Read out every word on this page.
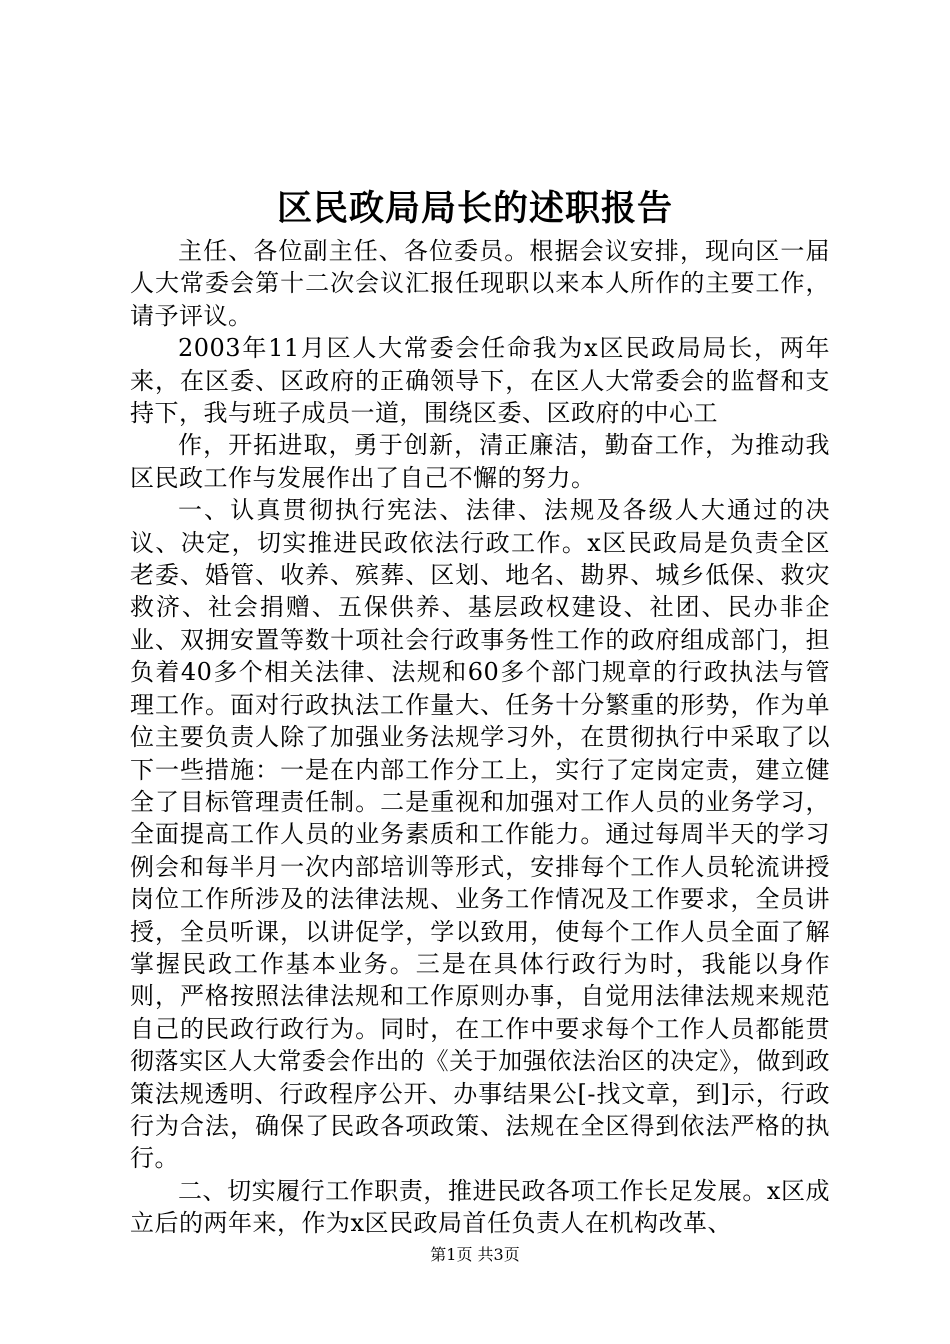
区民政局局长的述职报告

主任、各位副主任、各位委员。根据会议安排，现向区一届人大常委会第十二次会议汇报任现职以来本人所作的主要工作，请予评议。

2003年11月区人大常委会任命我为x区民政局局长，两年来，在区委、区政府的正确领导下，在区人大常委会的监督和支持下，我与班子成员一道，围绕区委、区政府的中心工

作，开拓进取，勇于创新，清正廉洁，勤奋工作，为推动我区民政工作与发展作出了自己不懈的努力。

一、认真贯彻执行宪法、法律、法规及各级人大通过的决议、决定，切实推进民政依法行政工作。x区民政局是负责全区老委、婚管、收养、殡葬、区划、地名、勘界、城乡低保、救灾救济、社会捐赠、五保供养、基层政权建设、社团、民办非企业、双拥安置等数十项社会行政事务性工作的政府组成部门，担负着40多个相关法律、法规和60多个部门规章的行政执法与管理工作。面对行政执法工作量大、任务十分繁重的形势，作为单位主要负责人除了加强业务法规学习外，在贯彻执行中采取了以下一些措施：一是在内部工作分工上，实行了定岗定责，建立健全了目标管理责任制。二是重视和加强对工作人员的业务学习，全面提高工作人员的业务素质和工作能力。通过每周半天的学习例会和每半月一次内部培训等形式，安排每个工作人员轮流讲授岗位工作所涉及的法律法规、业务工作情况及工作要求，全员讲授，全员听课，以讲促学，学以致用，使每个工作人员全面了解掌握民政工作基本业务。三是在具体行政行为时，我能以身作则，严格按照法律法规和工作原则办事，自觉用法律法规来规范自己的民政行政行为。同时，在工作中要求每个工作人员都能贯彻落实区人大常委会作出的《关于加强依法治区的决定》，做到政策法规透明、行政程序公开、办事结果公[-找文章，到]示，行政行为合法，确保了民政各项政策、法规在全区得到依法严格的执行。

二、切实履行工作职责，推进民政各项工作长足发展。x区成立后的两年来，作为x区民政局首任负责人在机构改革、

第1页 共3页
